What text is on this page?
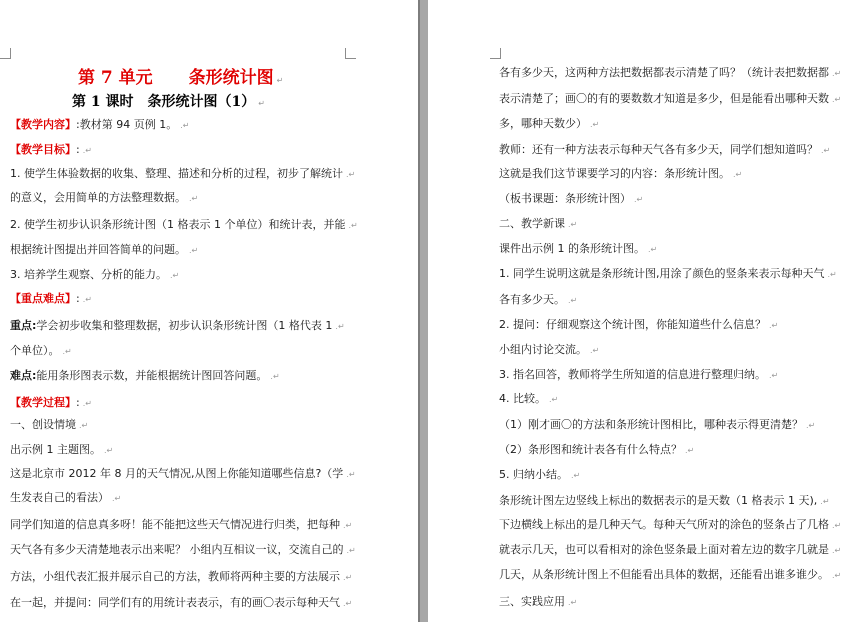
第 7 单元 条形统计图 ↵
第 1 课时 条形统计图（1） ↵
【教学内容】:教材第 94 页例 1。 .↵
【教学目标】: .↵
1. 使学生体验数据的收集、整理、描述和分析的过程，初步了解统计 .↵
的意义，会用简单的方法整理数据。 .↵
2. 使学生初步认识条形统计图（1 格表示 1 个单位）和统计表，并能 .↵
根据统计图提出并回答简单的问题。 .↵
3. 培养学生观察、分析的能力。 .↵
【重点难点】: .↵
重点:学会初步收集和整理数据，初步认识条形统计图（1 格代表 1 .↵
个单位）。 .↵
难点:能用条形图表示数，并能根据统计图回答问题。 .↵
【教学过程】: .↵
一、创设情境 .↵
出示例 1 主题图。 .↵
这是北京市 2012 年 8 月的天气情况,从图上你能知道哪些信息?（学 .↵
生发表自己的看法） .↵
同学们知道的信息真多呀！能不能把这些天气情况进行归类，把每种 .↵
天气各有多少天清楚地表示出来呢？ 小组内互相议一议，交流自己的 .↵
方法，小组代表汇报并展示自己的方法，教师将两种主要的方法展示 .↵
在一起，并提问：同学们有的用统计表表示，有的画〇表示每种天气 .↵
各有多少天，这两种方法把数据都表示清楚了吗？（统计表把数据都 .↵
表示清楚了；画〇的有的要数数才知道是多少，但是能看出哪种天数 .↵
多，哪种天数少） .↵
教师：还有一种方法表示每种天气各有多少天，同学们想知道吗？ .↵
这就是我们这节课要学习的内容：条形统计图。 .↵
（板书课题：条形统计图） .↵
二、教学新课 .↵
课件出示例 1 的条形统计图。 .↵
1. 同学生说明这就是条形统计图,用涂了颜色的竖条来表示每种天气 .↵
各有多少天。 .↵
2. 提问：仔细观察这个统计图，你能知道些什么信息？ .↵
小组内讨论交流。 .↵
3. 指名回答，教师将学生所知道的信息进行整理归纳。 .↵
4. 比较。 .↵
（1）刚才画〇的方法和条形统计图相比，哪种表示得更清楚？ .↵
（2）条形图和统计表各有什么特点？ .↵
5. 归纳小结。 .↵
条形统计图左边竖线上标出的数据表示的是天数（1 格表示 1 天), .↵
下边横线上标出的是几种天气。每种天气所对的涂色的竖条占了几格 .↵
就表示几天，也可以看相对的涂色竖条最上面对着左边的数字几就是 .↵
几天，从条形统计图上不但能看出具体的数据，还能看出谁多谁少。 .↵
三、实践应用 .↵
